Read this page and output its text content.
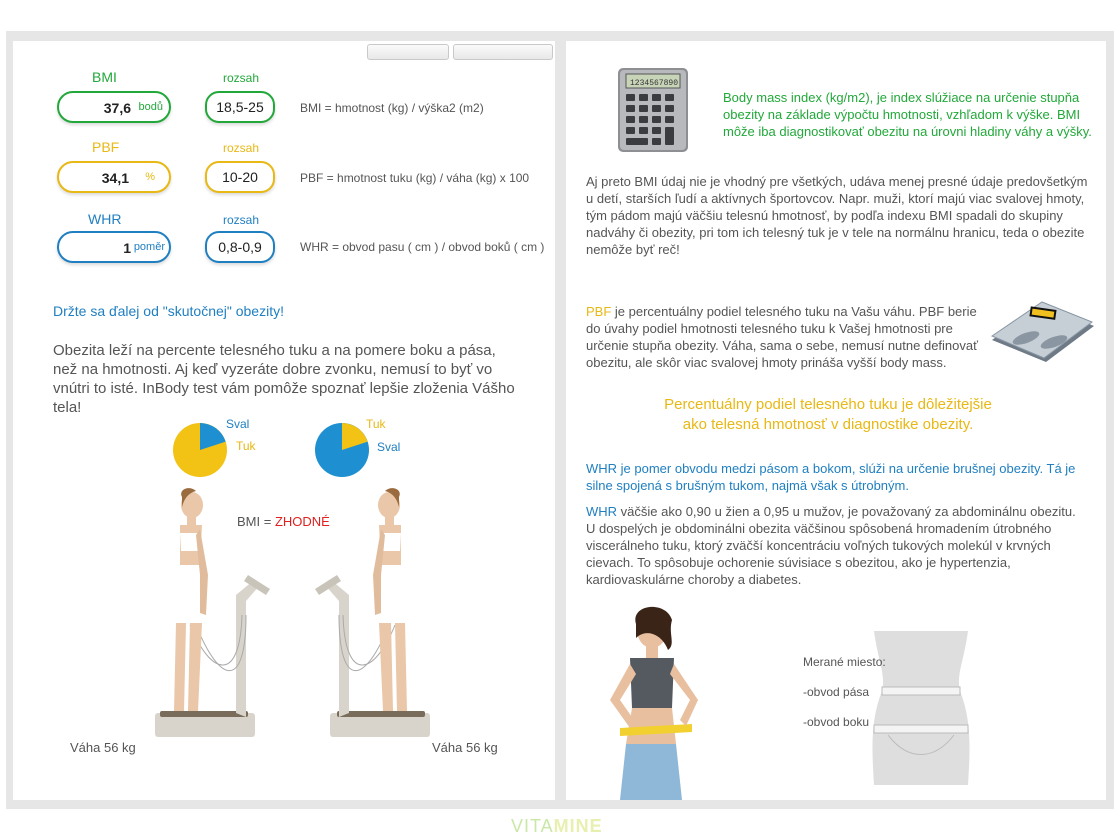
BMI	rozsah
37,6 bodů	18,5-25	BMI = hmotnost (kg) / výška2 (m2)
PBF	rozsah
34,1 %	10-20	PBF = hmotnost tuku (kg) / váha (kg) x 100
WHR	rozsah
1 poměr	0,8-0,9	WHR = obvod pasu ( cm ) / obvod boků ( cm )
Držte sa ďalej od "skutočnej" obezity!
Obezita leží na percente telesného tuku a na pomere boku a pása, než na hmotnosti. Aj keď vyzeráte dobre zvonku, nemusí to byť vo vnútri to isté. InBody test vám pomôže spoznať lepšie zloženia Vášho tela!
Sval
Tuk
Tuk
Sval
BMI = ZHODNÉ
Váha 56 kg	Váha 56 kg
1234567890
Body mass index (kg/m2), je index slúžiace na určenie stupňa obezity na základe výpočtu hmotnosti, vzhľadom k výške. BMI môže iba diagnostikovať obezitu na úrovni hladiny váhy a výšky.
Aj preto BMI údaj nie je vhodný pre všetkých, udáva menej presné údaje predovšetkým u detí, starších ľudí a aktívnych športovcov. Napr. muži, ktorí majú viac svalovej hmoty, tým pádom majú väčšiu telesnú hmotnosť, by podľa indexu BMI spadali do skupiny nadváhy či obezity, pri tom ich telesný tuk je v tele na normálnu hranicu, teda o obezite nemôže byť reč!
PBF je percentuálny podiel telesného tuku na Vašu váhu. PBF berie do úvahy podiel hmotnosti telesného tuku k Vašej hmotnosti pre určenie stupňa obezity. Váha, sama o sebe, nemusí nutne definovať obezitu, ale skôr viac svalovej hmoty prináša vyšší body mass.
Percentuálny podiel telesného tuku je dôležitejšie
ako telesná hmotnosť v diagnostike obezity.
WHR je pomer obvodu medzi pásom a bokom, slúži na určenie brušnej obezity. Tá je silne spojená s brušným tukom, najmä však s útrobným.
WHR väčšie ako 0,90 u žien a 0,95 u mužov, je považovaný za abdominálnu obezitu. U dospelých je obdominálni obezita väčšinou spôsobená hromadením útrobného viscerálneho tuku, ktorý zväčší koncentráciu voľných tukových molekúl v krvných cievach. To spôsobuje ochorenie súvisiace s obezitou, ako je hypertenzia, kardiovaskulárne choroby a diabetes.
Merané miesto:
-obvod pása
-obvod boku
VITAMINE
